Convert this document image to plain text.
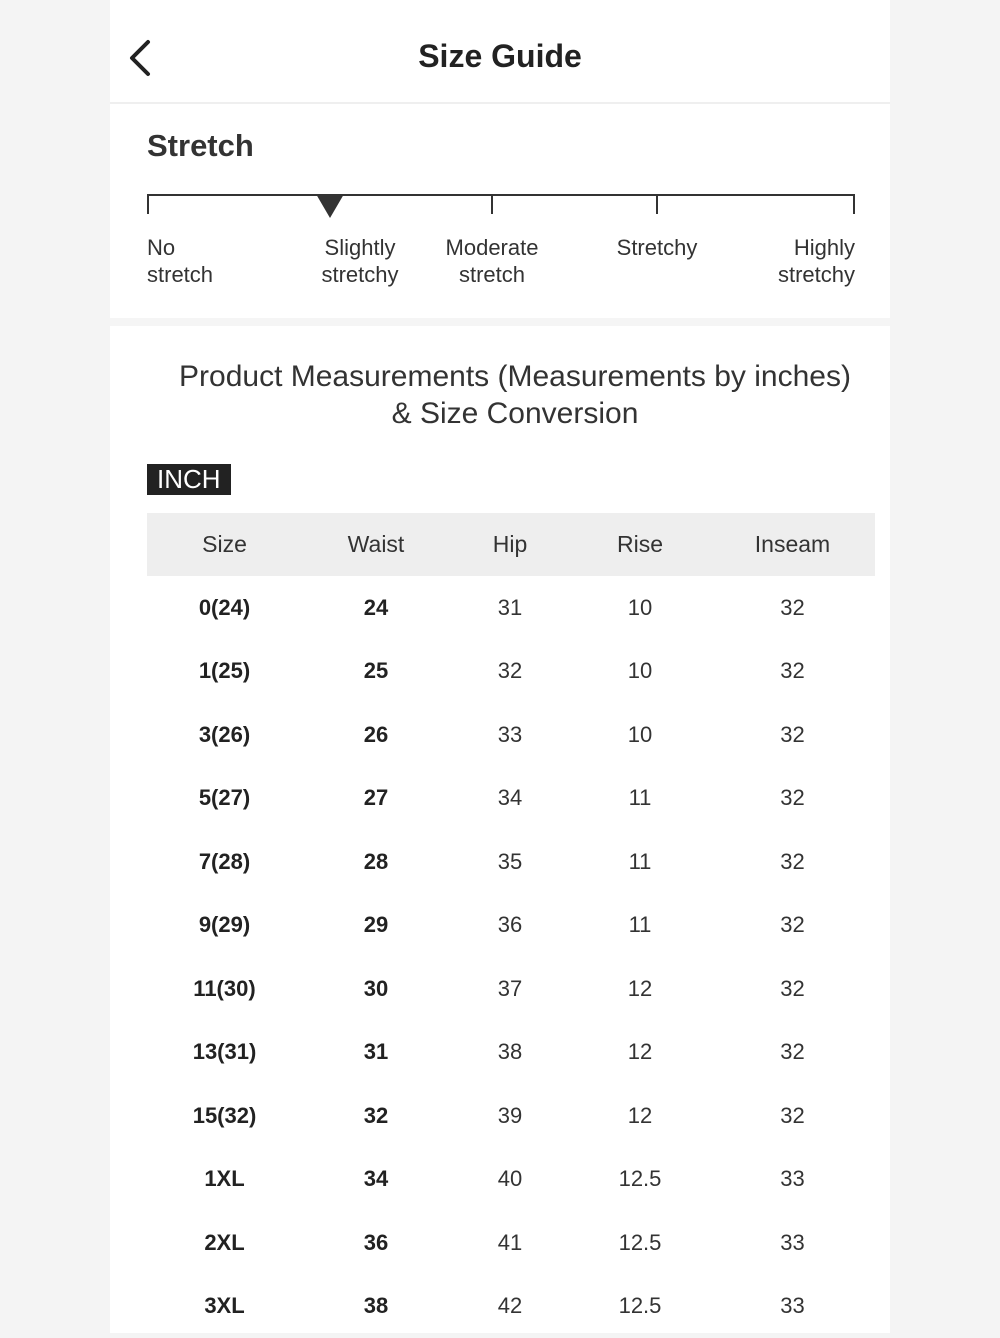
Size Guide
Stretch
No
stretch
Slightly
stretchy
Moderate
stretch
Stretchy	Highly
stretchy
Product Measurements (Measurements by inches) & Size Conversion
INCH
Size	Waist	Hip	Rise	Inseam
0(24)	24	31	10	32
1(25)	25	32	10	32
3(26)	26	33	10	32
5(27)	27	34	11	32
7(28)	28	35	11	32
9(29)	29	36	11	32
11(30)	30	37	12	32
13(31)	31	38	12	32
15(32)	32	39	12	32
1XL	34	40	12.5	33
2XL	36	41	12.5	33
3XL	38	42	12.5	33
